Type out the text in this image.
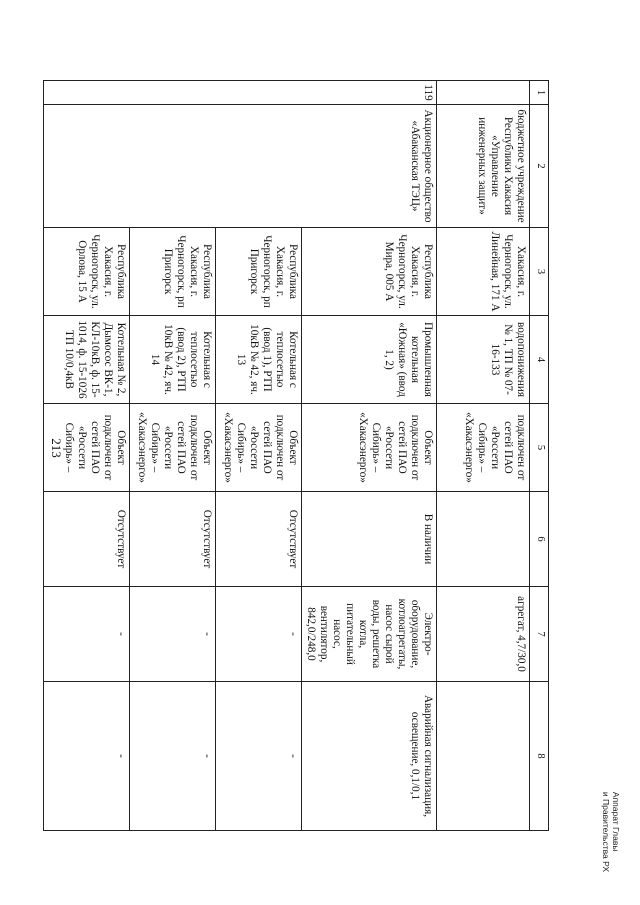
213
1	2	3	4	5	6	7	8
	бюджетное учреждение Республики Хакасия «Управление инженерных защит»	Хакасия, г. Черногорск, ул. Линейная, 171 А	водопонижения № 1, ТП № 07-16-133	подключен от сетей ПАО «Россети Сибирь» – «Хакасэнерго»		агрегат, 4,7/30,0	
119	Акционерное общество «Абаканская ТЭЦ»	Республика Хакасия, г. Черногорск, ул. Мира, 005 А	Промышленная котельная «Южная» (ввод 1, 2)	Объект подключен от сетей ПАО «Россети Сибирь» – «Хакасэнерго»	В наличии	Электро-оборудование, котлоагрегаты, насос сырой воды, решетка котла, питательный насос, вентилятор, 842,0/248,0	Аварийная сигнализация, освещение, 0,1/0,1
		Республика Хакасия, г. Черногорск, рп Пригорск	Котельная с теплосетью (ввод 1), РТП 10кВ № 42, яч. 13	Объект подключен от сетей ПАО «Россети Сибирь» – «Хакасэнерго»	Отсутствует	-	-
		Республика Хакасия, г. Черногорск, рп Пригорск	Котельная с теплосетью (ввод 2), РТП 10кВ № 42, яч. 14	Объект подключен от сетей ПАО «Россети Сибирь» – «Хакасэнерго»	Отсутствует	-	-
		Республика Хакасия, г. Черногорск, ул. Орлова, 15 А	Котельная № 2, Дымосос ВК-1, КЛ-10кВ, ф. 15-1014, ф. 15-1026 ТП 10/0,4кВ	Объект подключен от сетей ПАО «Россети Сибирь» –	Отсутствует	-	-
Аппарат Главы
и Правительства РХ
